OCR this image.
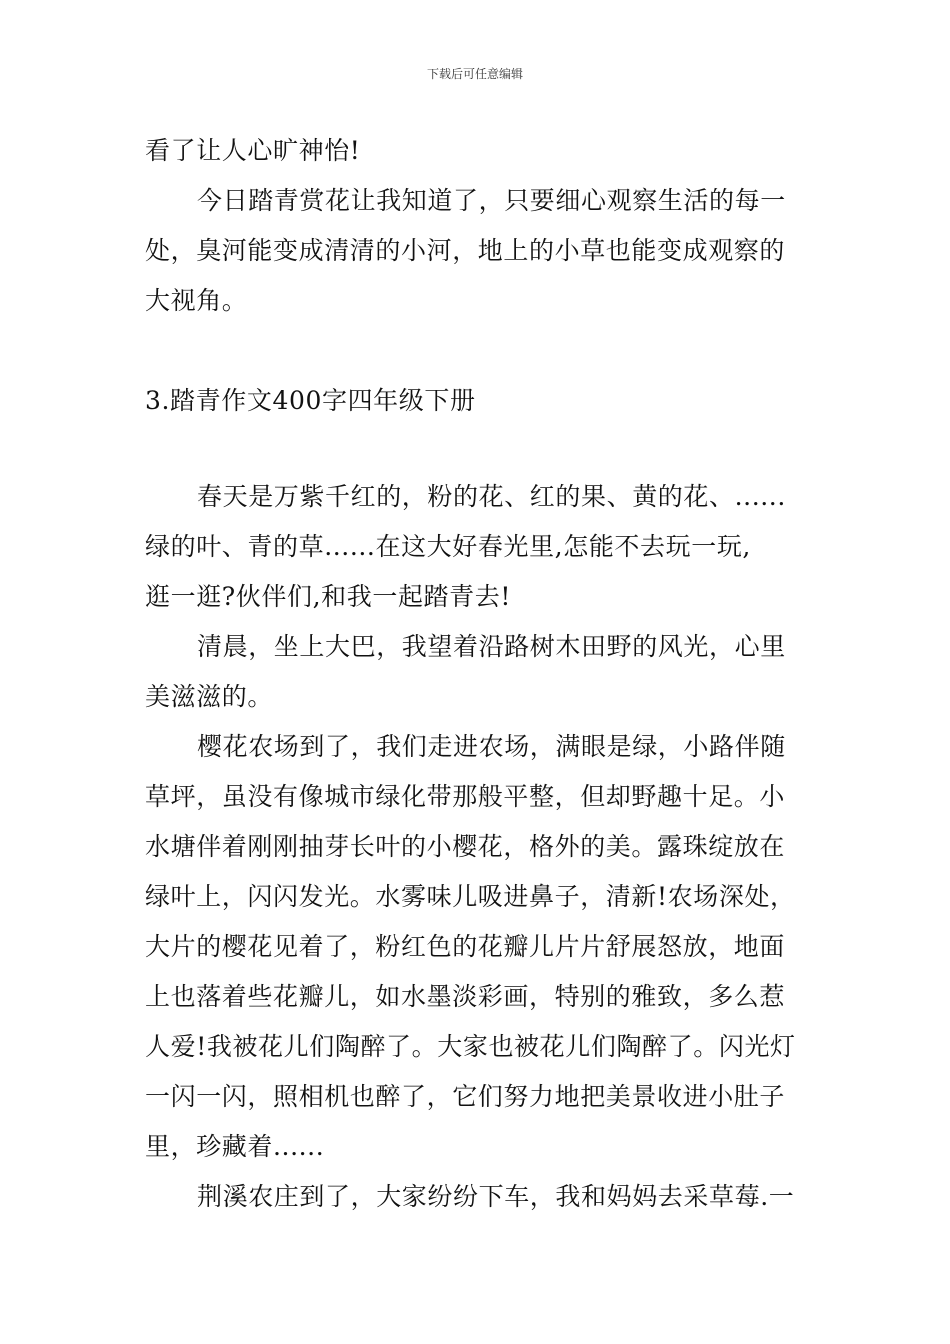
下载后可任意编辑
看了让人心旷神怡!
今日踏青赏花让我知道了，只要细心观察生活的每一
处，臭河能变成清清的小河，地上的小草也能变成观察的
大视角。
3.踏青作文400字四年级下册
春天是万紫千红的，粉的花、红的果、黄的花、......
绿的叶、青的草......在这大好春光里,怎能不去玩一玩,
逛一逛?伙伴们,和我一起踏青去!
清晨，坐上大巴，我望着沿路树木田野的风光，心里
美滋滋的。
樱花农场到了，我们走进农场，满眼是绿，小路伴随
草坪，虽没有像城市绿化带那般平整，但却野趣十足。小
水塘伴着刚刚抽芽长叶的小樱花，格外的美。露珠绽放在
绿叶上，闪闪发光。水雾味儿吸进鼻子，清新!农场深处，
大片的樱花见着了，粉红色的花瓣儿片片舒展怒放，地面
上也落着些花瓣儿，如水墨淡彩画，特别的雅致，多么惹
人爱!我被花儿们陶醉了。大家也被花儿们陶醉了。闪光灯
一闪一闪，照相机也醉了，它们努力地把美景收进小肚子
里，珍藏着......
荆溪农庄到了，大家纷纷下车，我和妈妈去采草莓.一
